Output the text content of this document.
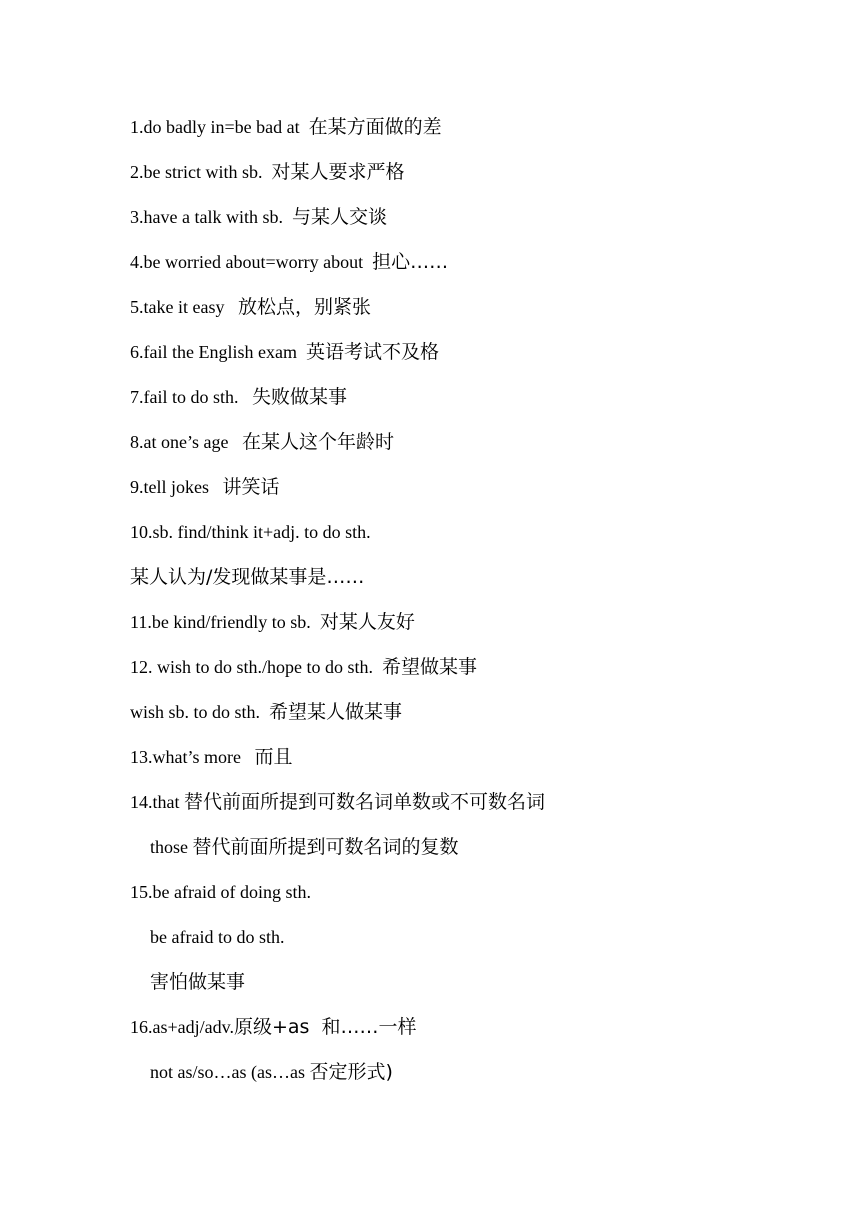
1.do badly in=be bad at  在某方面做的差
2.be strict with sb.  对某人要求严格
3.have a talk with sb.  与某人交谈
4.be worried about=worry about  担心……
5.take it easy   放松点，别紧张
6.fail the English exam  英语考试不及格
7.fail to do sth.   失败做某事
8.at one’s age   在某人这个年龄时
9.tell jokes   讲笑话
10.sb. find/think it+adj. to do sth.
某人认为/发现做某事是……
11.be kind/friendly to sb.  对某人友好
12. wish to do sth./hope to do sth.  希望做某事
wish sb. to do sth.  希望某人做某事
13.what’s more   而且
14.that 替代前面所提到可数名词单数或不可数名词
those 替代前面所提到可数名词的复数
15.be afraid of doing sth.
be afraid to do sth.
害怕做某事
16.as+adj/adv.原级+as  和……一样
not as/so…as (as…as 否定形式)
